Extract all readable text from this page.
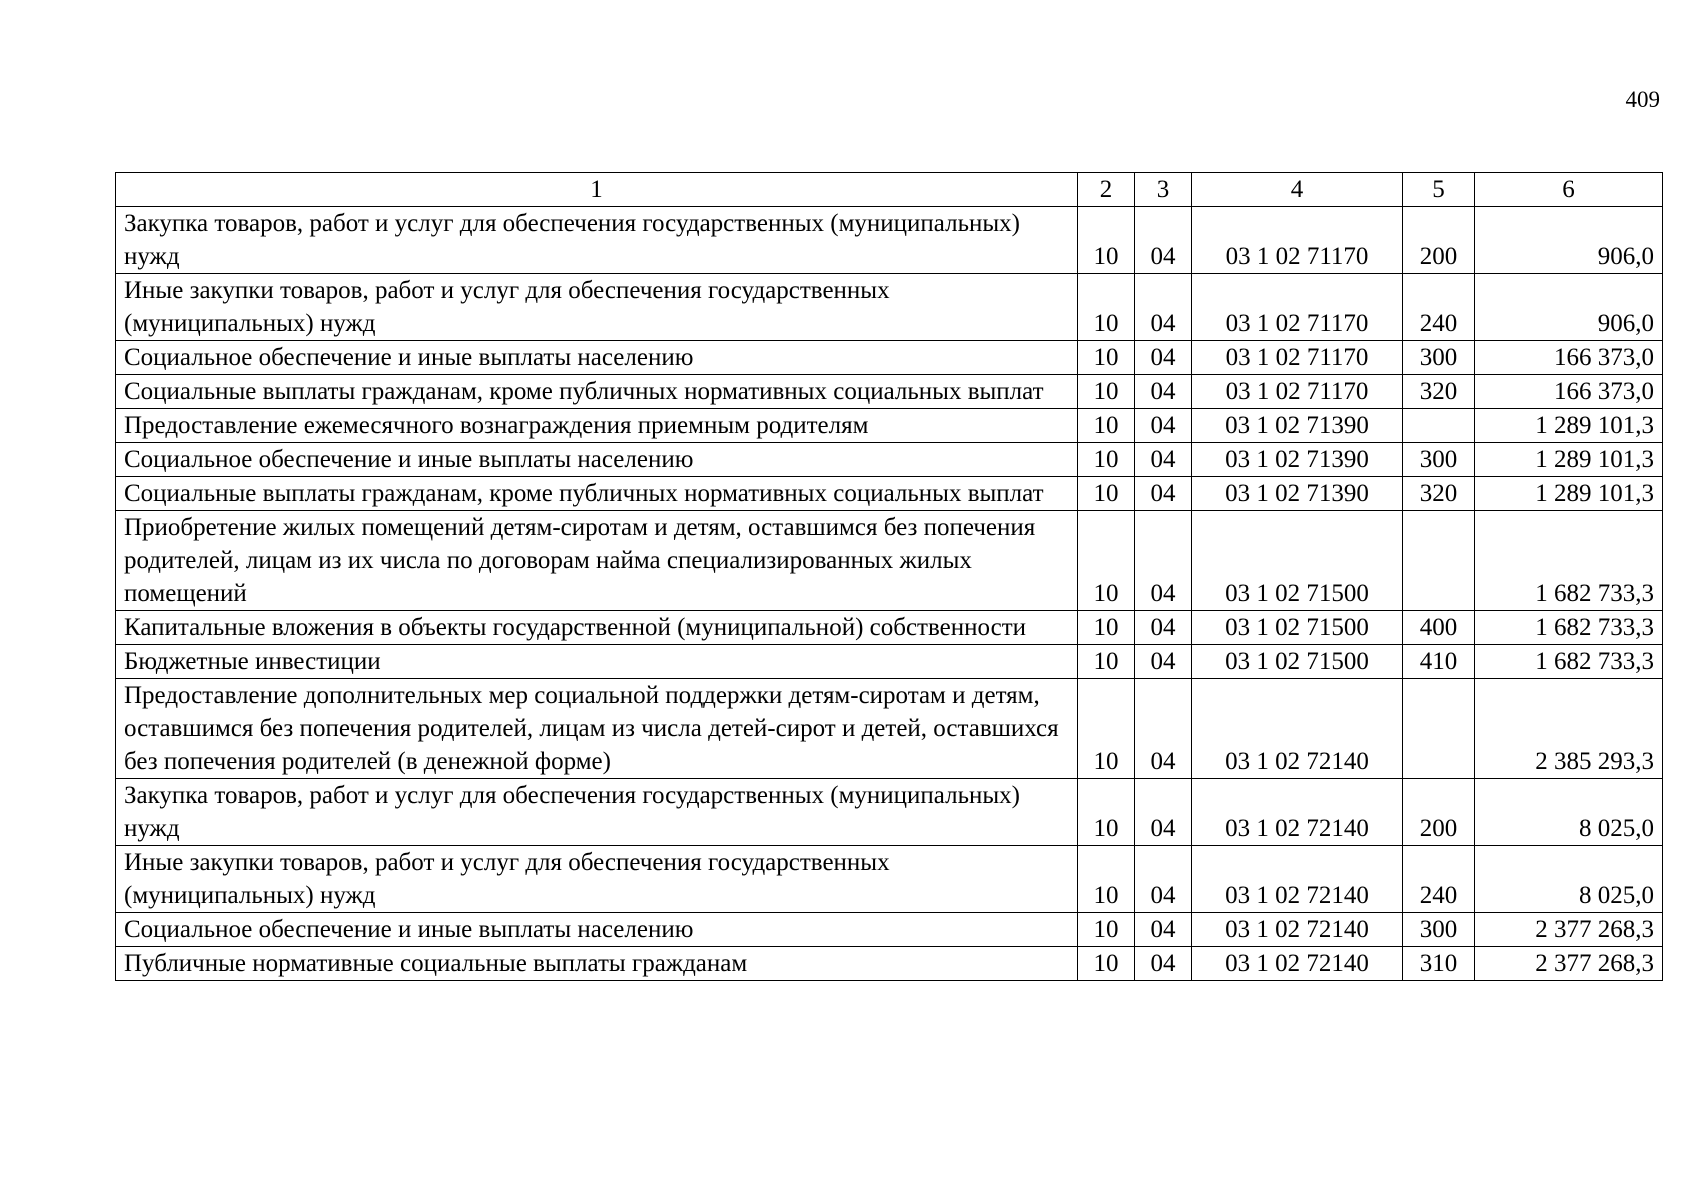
409
1	2	3	4	5	6
Закупка товаров, работ и услуг для обеспечения государственных (муниципальных) нужд	10	04	03 1 02 71170	200	906,0
Иные закупки товаров, работ и услуг для обеспечения государственных (муниципальных) нужд	10	04	03 1 02 71170	240	906,0
Социальное обеспечение и иные выплаты населению	10	04	03 1 02 71170	300	166 373,0
Социальные выплаты гражданам, кроме публичных нормативных социальных выплат	10	04	03 1 02 71170	320	166 373,0
Предоставление ежемесячного вознаграждения приемным родителям	10	04	03 1 02 71390		1 289 101,3
Социальное обеспечение и иные выплаты населению	10	04	03 1 02 71390	300	1 289 101,3
Социальные выплаты гражданам, кроме публичных нормативных социальных выплат	10	04	03 1 02 71390	320	1 289 101,3
Приобретение жилых помещений детям-сиротам и детям, оставшимся без попечения родителей, лицам из их числа по договорам найма специализированных жилых помещений	10	04	03 1 02 71500		1 682 733,3
Капитальные вложения в объекты государственной (муниципальной) собственности	10	04	03 1 02 71500	400	1 682 733,3
Бюджетные инвестиции	10	04	03 1 02 71500	410	1 682 733,3
Предоставление дополнительных мер социальной поддержки детям-сиротам и детям, оставшимся без попечения родителей, лицам из числа детей-сирот и детей, оставшихся без попечения родителей (в денежной форме)	10	04	03 1 02 72140		2 385 293,3
Закупка товаров, работ и услуг для обеспечения государственных (муниципальных) нужд	10	04	03 1 02 72140	200	8 025,0
Иные закупки товаров, работ и услуг для обеспечения государственных (муниципальных) нужд	10	04	03 1 02 72140	240	8 025,0
Социальное обеспечение и иные выплаты населению	10	04	03 1 02 72140	300	2 377 268,3
Публичные нормативные социальные выплаты гражданам	10	04	03 1 02 72140	310	2 377 268,3
